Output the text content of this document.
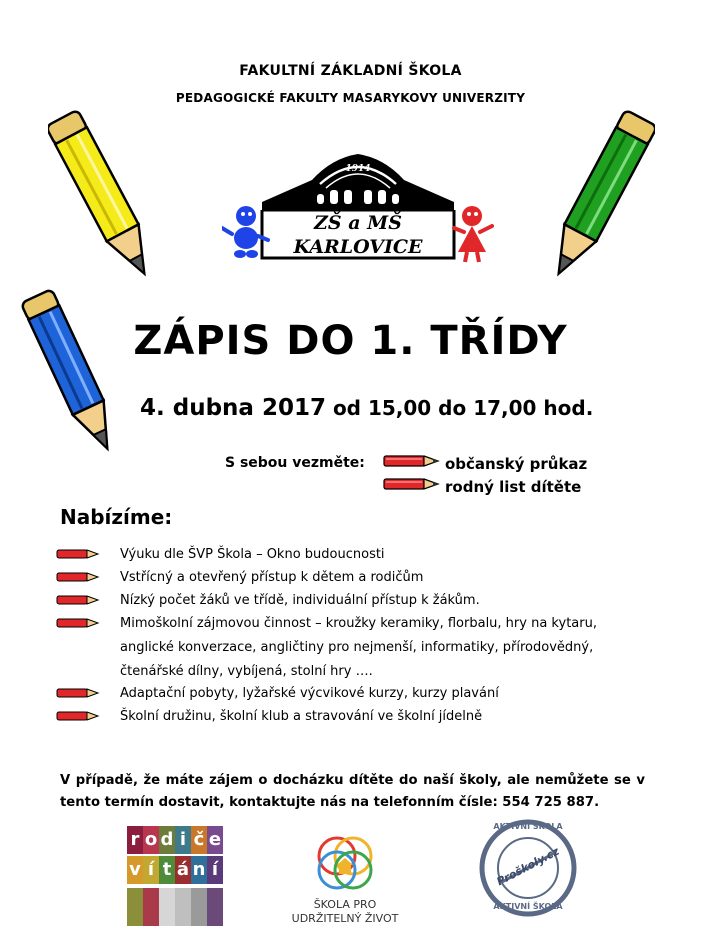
FAKULTNÍ ZÁKLADNÍ ŠKOLA
PEDAGOGICKÉ FAKULTY MASARYKOVY UNIVERZITY
1914
ZŠ a MŠ
KARLOVICE
ZÁPIS DO 1. TŘÍDY
4. dubna 2017 od 15,00 do 17,00 hod.
S sebou vezměte:	občanský průkaz
rodný list dítěte
Nabízíme:
Výuku dle ŠVP Škola – Okno budoucnosti
Vstřícný a otevřený přístup k dětem a rodičům
Nízký počet žáků ve třídě, individuální přístup k žákům.
Mimoškolní zájmovou činnost – kroužky keramiky, florbalu, hry na kytaru,
anglické konverzace, angličtiny pro nejmenší, informatiky, přírodovědný,
čtenářské dílny, vybíjená, stolní hry ….
Adaptační pobyty, lyžařské výcvikové kurzy, kurzy plavání
Školní družinu, školní klub a stravování ve školní jídelně
V případě, že máte zájem o docházku dítěte do naší školy, ale nemůžete se v tento termín dostavit, kontaktujte nás na telefonním čísle: 554 725 887.
r o d i č e
v í t á n í
ŠKOLA PRO
UDRŽITELNÝ ŽIVOT
AKTIVNÍ ŠKOLA
Proškoly.cz
AKTIVNÍ ŠKOLA
